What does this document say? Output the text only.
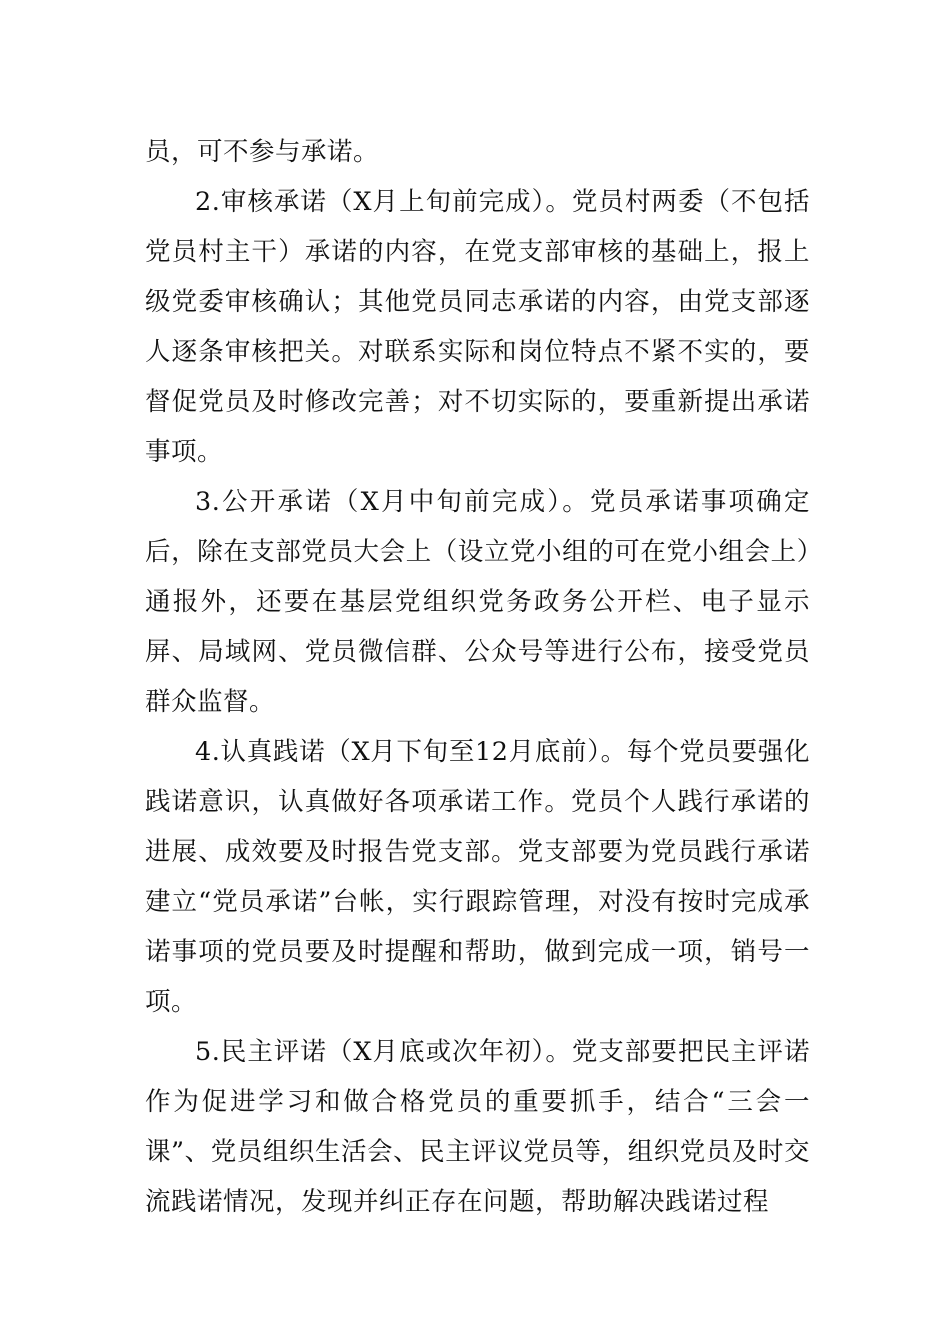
员，可不参与承诺。

2.审核承诺（X月上旬前完成）。党员村两委（不包括党员村主干）承诺的内容，在党支部审核的基础上，报上级党委审核确认；其他党员同志承诺的内容，由党支部逐人逐条审核把关。对联系实际和岗位特点不紧不实的，要督促党员及时修改完善；对不切实际的，要重新提出承诺事项。

3.公开承诺（X月中旬前完成）。党员承诺事项确定后，除在支部党员大会上（设立党小组的可在党小组会上）通报外，还要在基层党组织党务政务公开栏、电子显示屏、局域网、党员微信群、公众号等进行公布，接受党员群众监督。

4.认真践诺（X月下旬至12月底前）。每个党员要强化践诺意识，认真做好各项承诺工作。党员个人践行承诺的进展、成效要及时报告党支部。党支部要为党员践行承诺建立“党员承诺”台帐，实行跟踪管理，对没有按时完成承诺事项的党员要及时提醒和帮助，做到完成一项，销号一项。

5.民主评诺（X月底或次年初）。党支部要把民主评诺作为促进学习和做合格党员的重要抓手，结合“三会一课”、党员组织生活会、民主评议党员等，组织党员及时交流践诺情况，发现并纠正存在问题，帮助解决践诺过程
